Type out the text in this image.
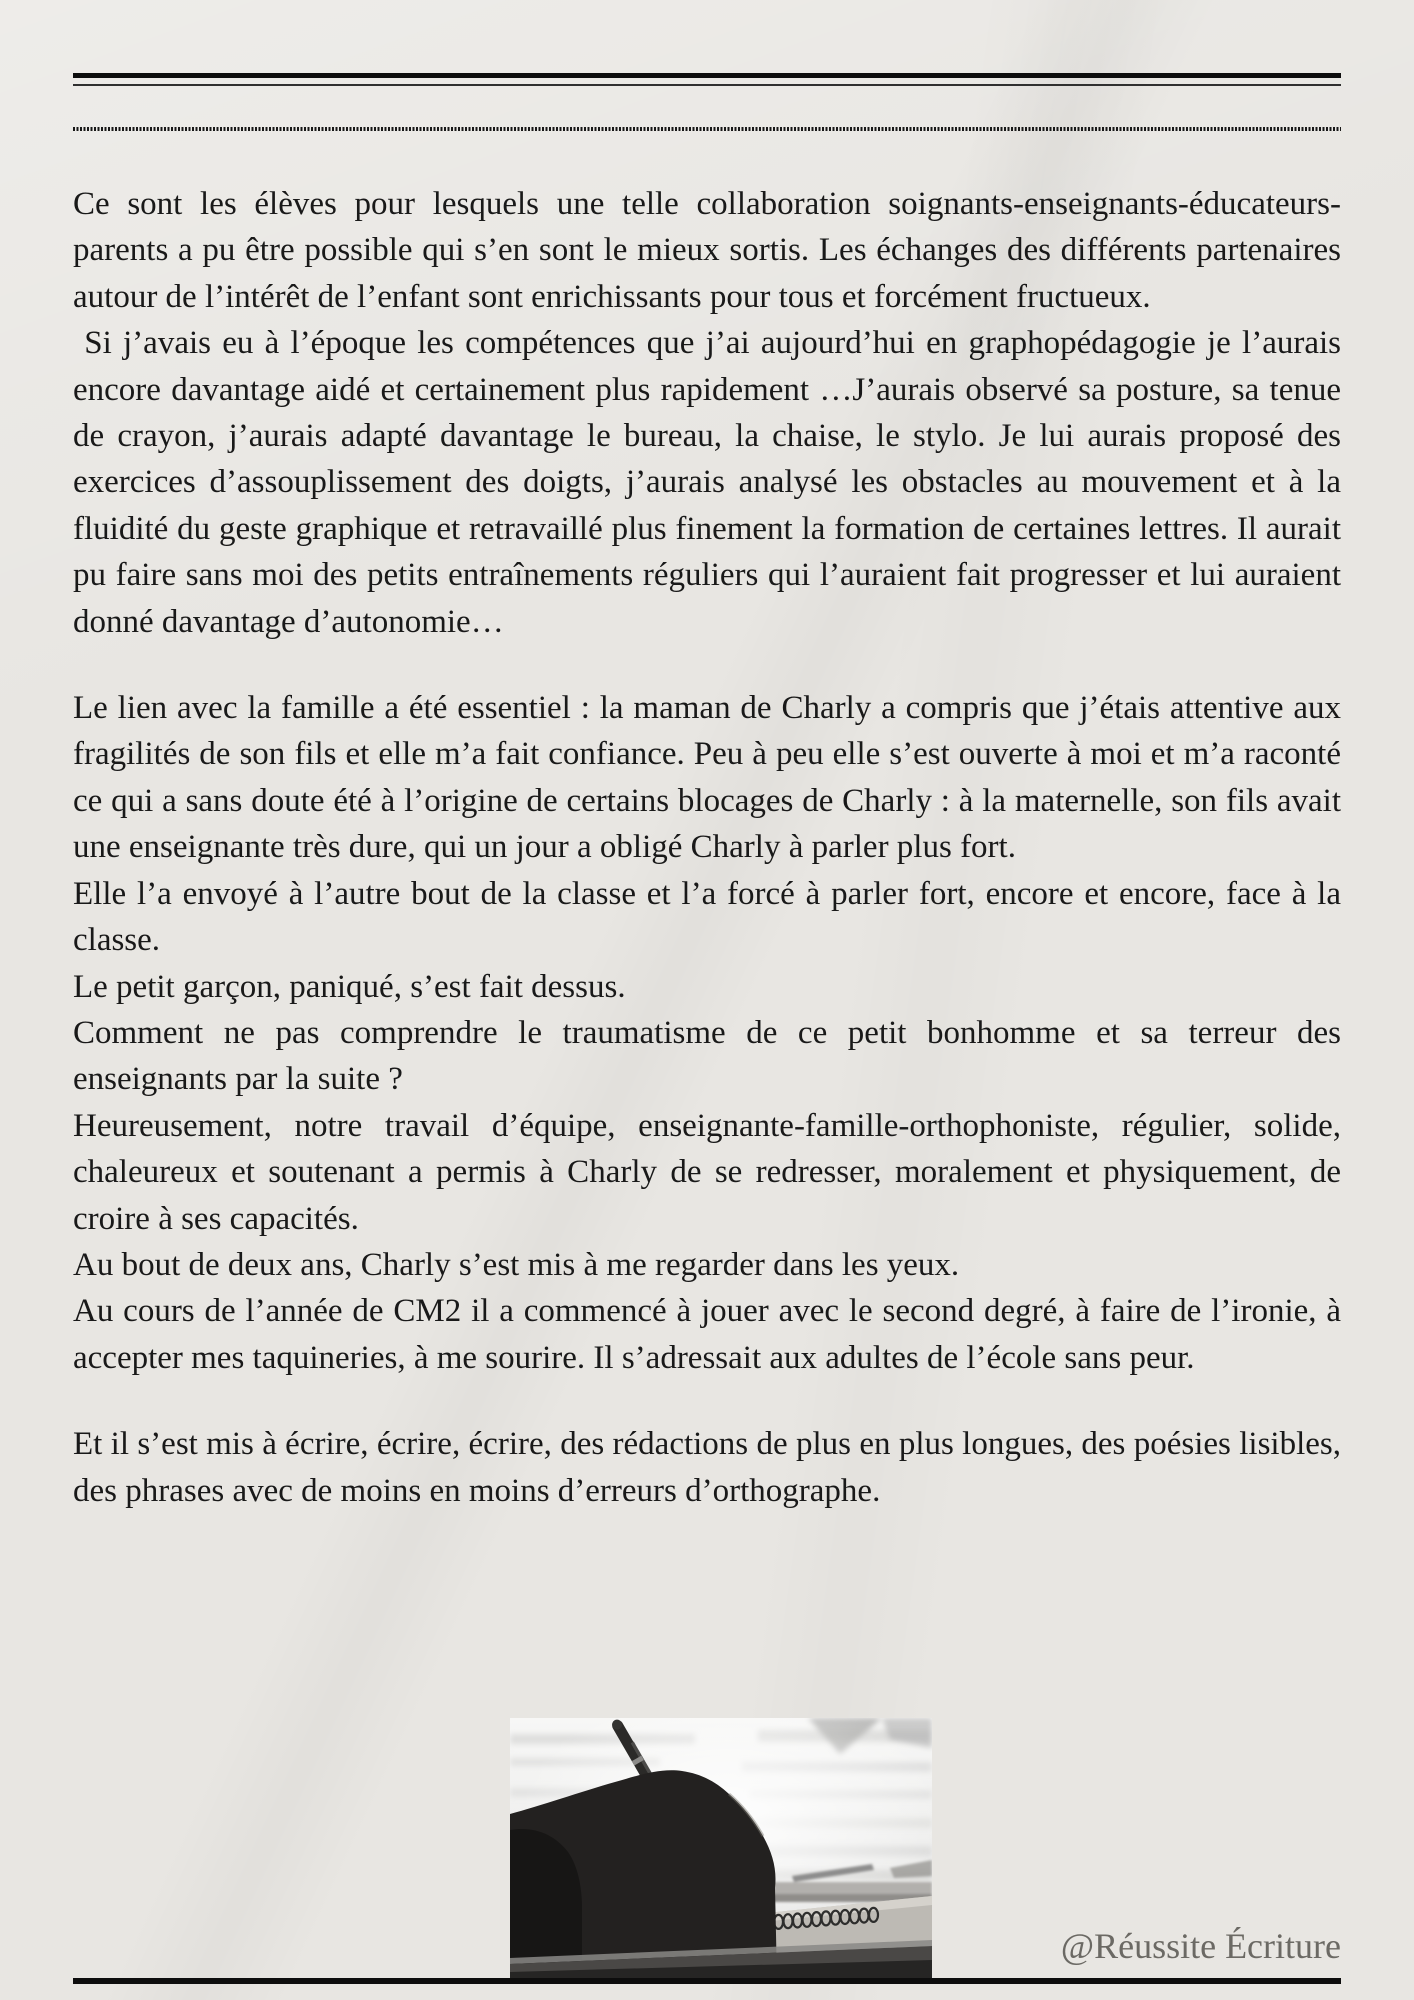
Ce sont les élèves pour lesquels une telle collaboration soignants-enseignants-éducateurs-parents a pu être possible qui s’en sont le mieux sortis. Les échanges des différents partenaires autour de l’intérêt de l’enfant sont enrichissants pour tous et forcément fructueux.

Si j’avais eu à l’époque les compétences que j’ai aujourd’hui en graphopédagogie je l’aurais encore davantage aidé et certainement plus rapidement …J’aurais observé sa posture, sa tenue de crayon, j’aurais adapté davantage le bureau, la chaise, le stylo. Je lui aurais proposé des exercices d’assouplissement des doigts, j’aurais analysé les obstacles au mouvement et à la fluidité du geste graphique et retravaillé plus finement la formation de certaines lettres. Il aurait pu faire sans moi des petits entraînements réguliers qui l’auraient fait progresser et lui auraient donné davantage d’autonomie…

Le lien avec la famille a été essentiel : la maman de Charly a compris que j’étais attentive aux fragilités de son fils et elle m’a fait confiance. Peu à peu elle s’est ouverte à moi et m’a raconté ce qui a sans doute été à l’origine de certains blocages de Charly : à la maternelle, son fils avait une enseignante très dure, qui un jour a obligé Charly à parler plus fort.

Elle l’a envoyé à l’autre bout de la classe et l’a forcé à parler fort, encore et encore, face à la classe.

Le petit garçon, paniqué, s’est fait dessus.

Comment ne pas comprendre le traumatisme de ce petit bonhomme et sa terreur des enseignants par la suite ?

Heureusement, notre travail d’équipe, enseignante-famille-orthophoniste, régulier, solide, chaleureux et soutenant a permis à Charly de se redresser, moralement et physiquement, de croire à ses capacités.

Au bout de deux ans, Charly s’est mis à me regarder dans les yeux.

Au cours de l’année de CM2 il a commencé à jouer avec le second degré, à faire de l’ironie, à accepter mes taquineries, à me sourire. Il s’adressait aux adultes de l’école sans peur.

Et il s’est mis à écrire, écrire, écrire, des rédactions de plus en plus longues, des poésies lisibles, des phrases avec de moins en moins d’erreurs d’orthographe.

@Réussite Écriture
